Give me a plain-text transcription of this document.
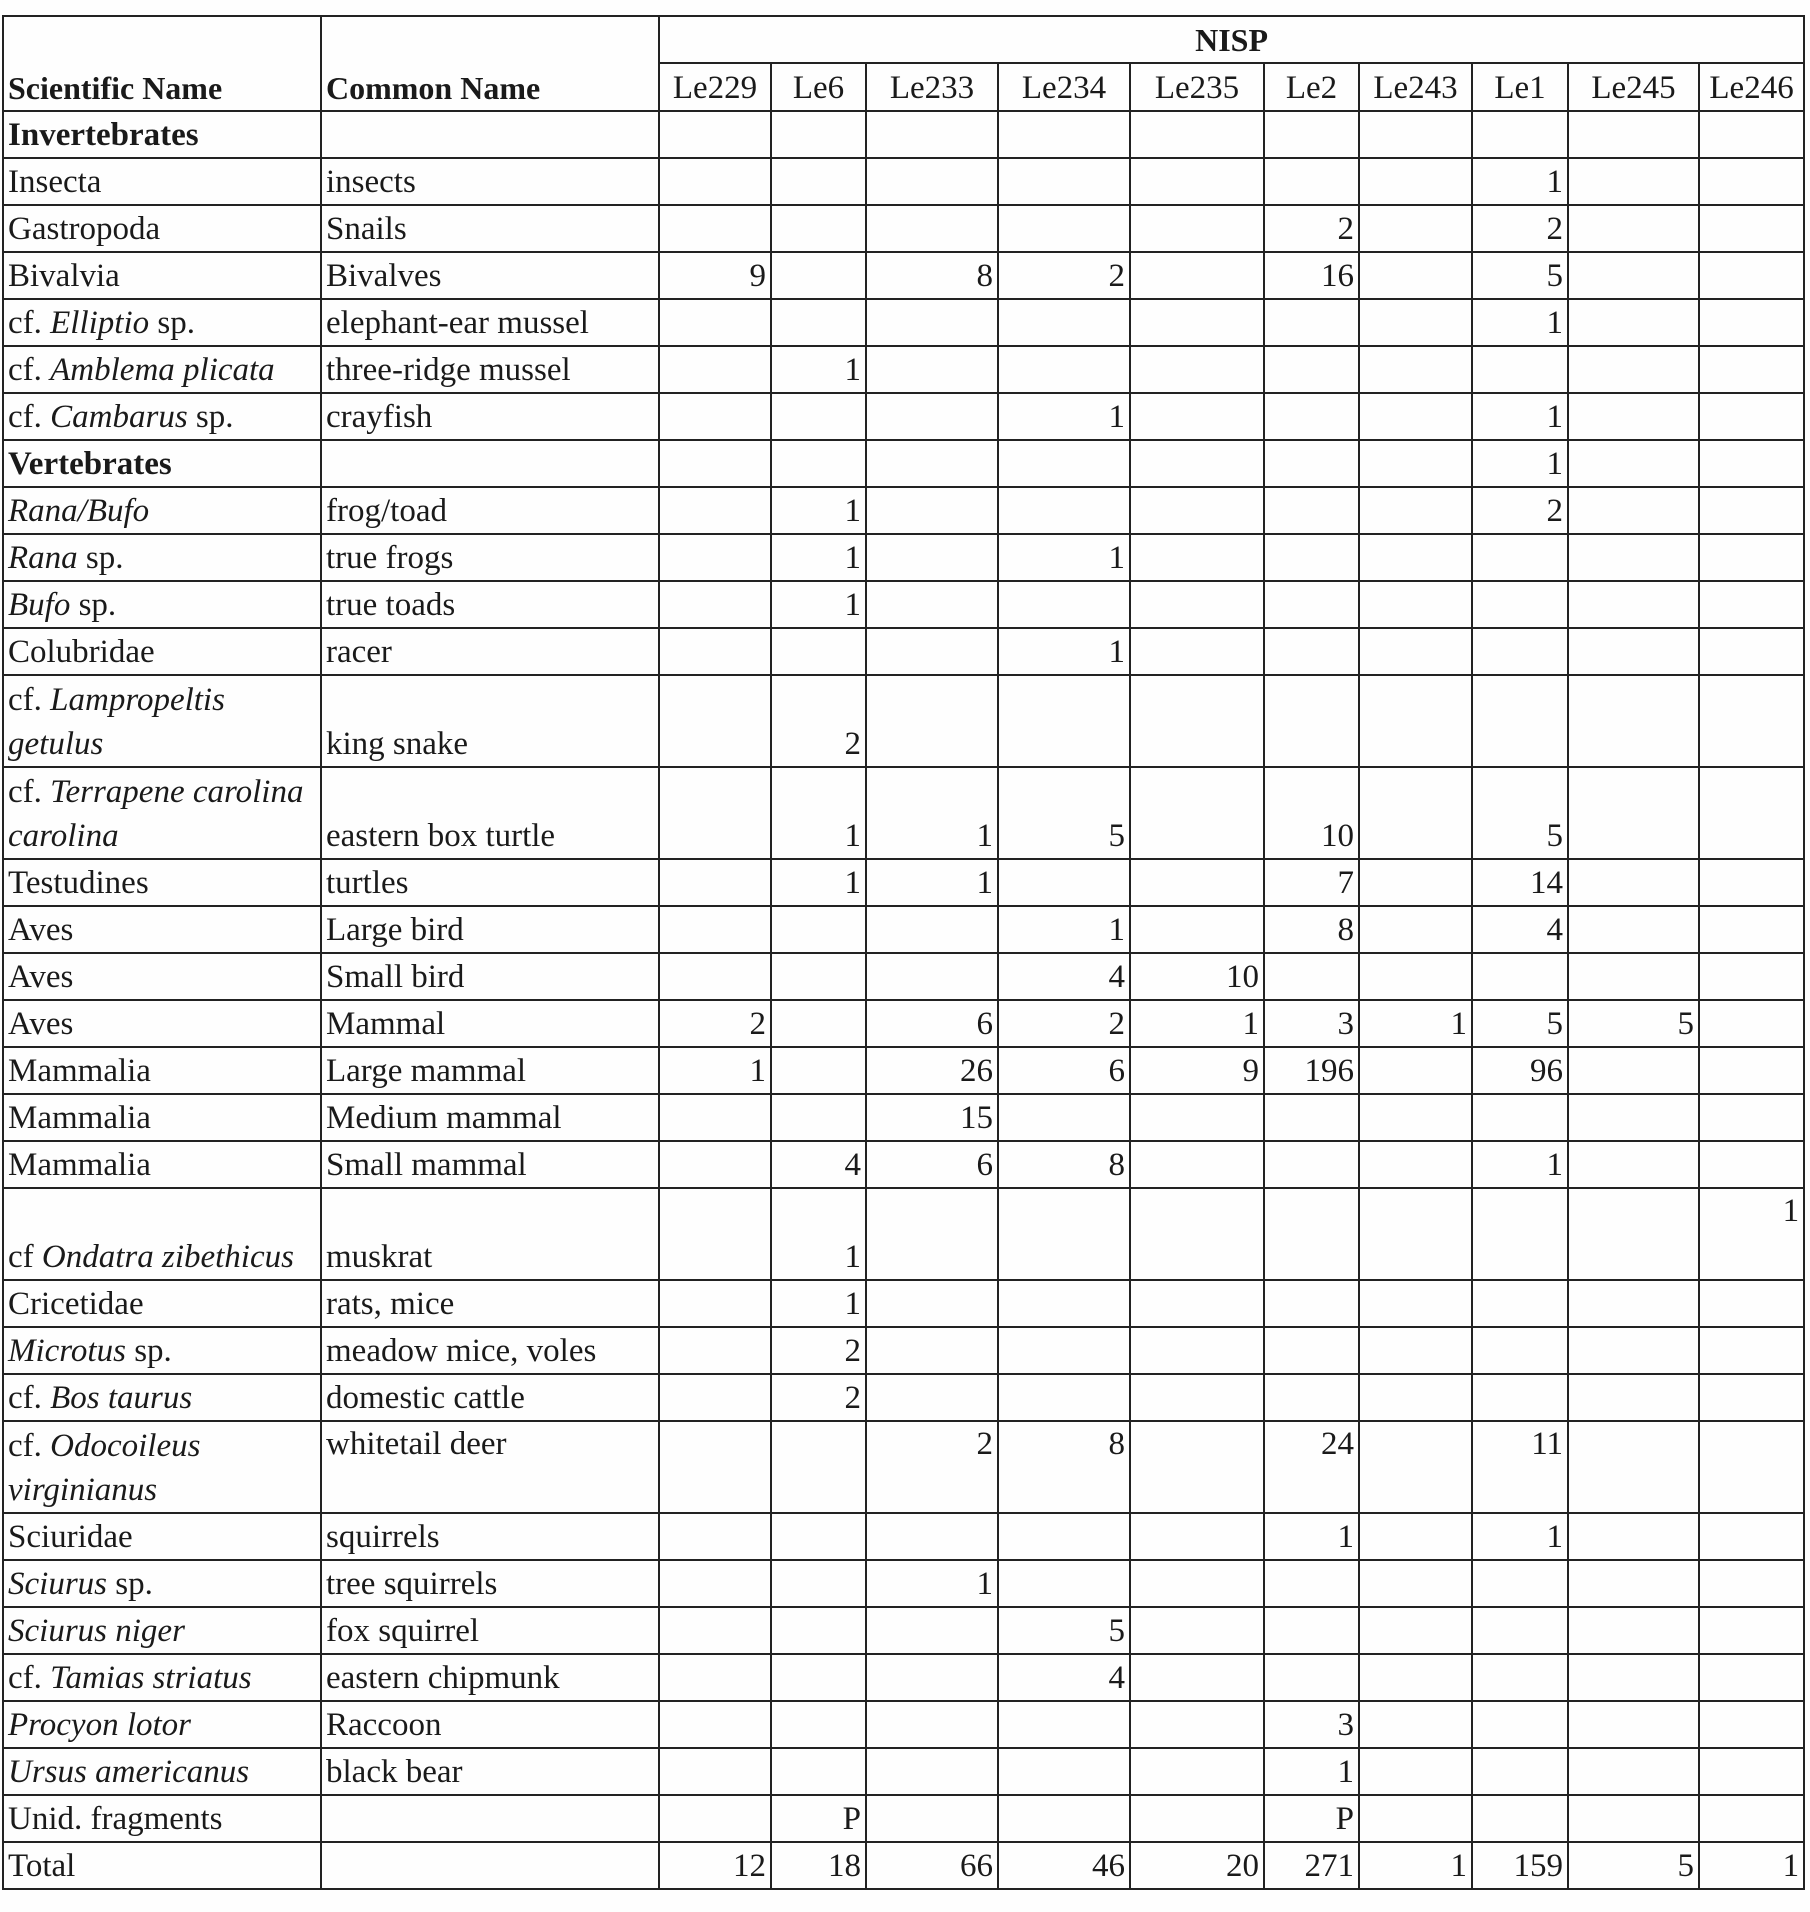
Scientific Name	Common Name	NISP									
		Le229	Le6	Le233	Le234	Le235	Le2	Le243	Le1	Le245	Le246
Invertebrates											
Insecta	insects								1		
Gastropoda	Snails						2		2		
Bivalvia	Bivalves	9		8	2		16		5		
cf. Elliptio sp.	elephant-ear mussel								1		
cf. Amblema plicata	three-ridge mussel		1								
cf. Cambarus sp.	crayfish				1				1		
Vertebrates									1		
Rana/Bufo	frog/toad		1						2		
Rana sp.	true frogs		1		1						
Bufo sp.	true toads		1								
Colubridae	racer				1						
cf. Lampropeltis getulus	king snake		2								
cf. Terrapene carolina carolina	eastern box turtle		1	1	5		10		5		
Testudines	turtles		1	1			7		14		
Aves	Large bird				1		8		4		
Aves	Small bird				4	10					
Aves	Mammal	2		6	2	1	3	1	5	5	
Mammalia	Large mammal	1		26	6	9	196		96		
Mammalia	Medium mammal			15							
Mammalia	Small mammal		4	6	8				1		
cf Ondatra zibethicus	muskrat		1								1
Cricetidae	rats, mice		1								
Microtus sp.	meadow mice, voles		2								
cf. Bos taurus	domestic cattle		2								
cf. Odocoileus virginianus	whitetail deer			2	8		24		11		
Sciuridae	squirrels						1		1		
Sciurus sp.	tree squirrels			1							
Sciurus niger	fox squirrel				5						
cf. Tamias striatus	eastern chipmunk				4						
Procyon lotor	Raccoon						3				
Ursus americanus	black bear						1				
Unid. fragments			P				P				
Total		12	18	66	46	20	271	1	159	5	1
